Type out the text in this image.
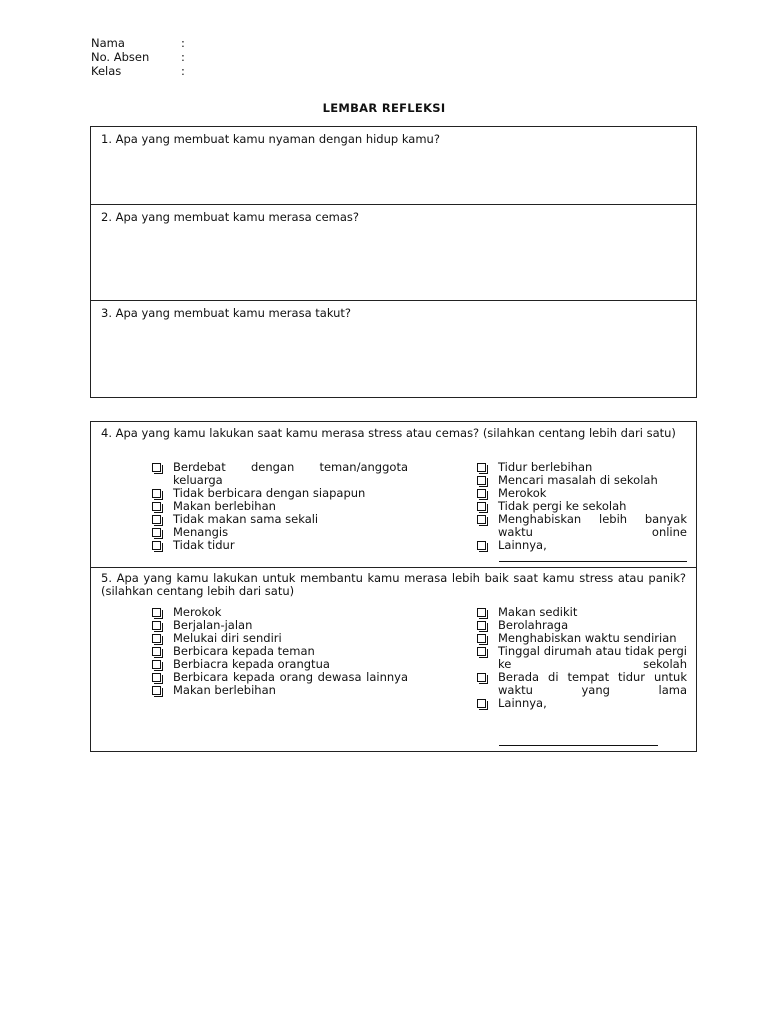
Nama	:
No. Absen	:
Kelas	:
LEMBAR REFLEKSI
1. Apa yang membuat kamu nyaman dengan hidup kamu?
2. Apa yang membuat kamu merasa cemas?
3. Apa yang membuat kamu merasa takut?
4. Apa yang kamu lakukan saat kamu merasa stress atau cemas? (silahkan centang lebih dari satu)
Berdebat dengan teman/anggota keluarga
Tidak berbicara dengan siapapun
Makan berlebihan
Tidak makan sama sekali
Menangis
Tidak tidur
Tidur berlebihan
Mencari masalah di sekolah
Merokok
Tidak pergi ke sekolah
Menghabiskan lebih banyak waktu online
Lainnya,
5. Apa yang kamu lakukan untuk membantu kamu merasa lebih baik saat kamu stress atau panik? (silahkan centang lebih dari satu)
Merokok
Berjalan-jalan
Melukai diri sendiri
Berbicara kepada teman
Berbiacra kepada orangtua
Berbicara kepada orang dewasa lainnya
Makan berlebihan
Makan sedikit
Berolahraga
Menghabiskan waktu sendirian
Tinggal dirumah atau tidak pergi ke sekolah
Berada di tempat tidur untuk waktu yang lama
Lainnya,
